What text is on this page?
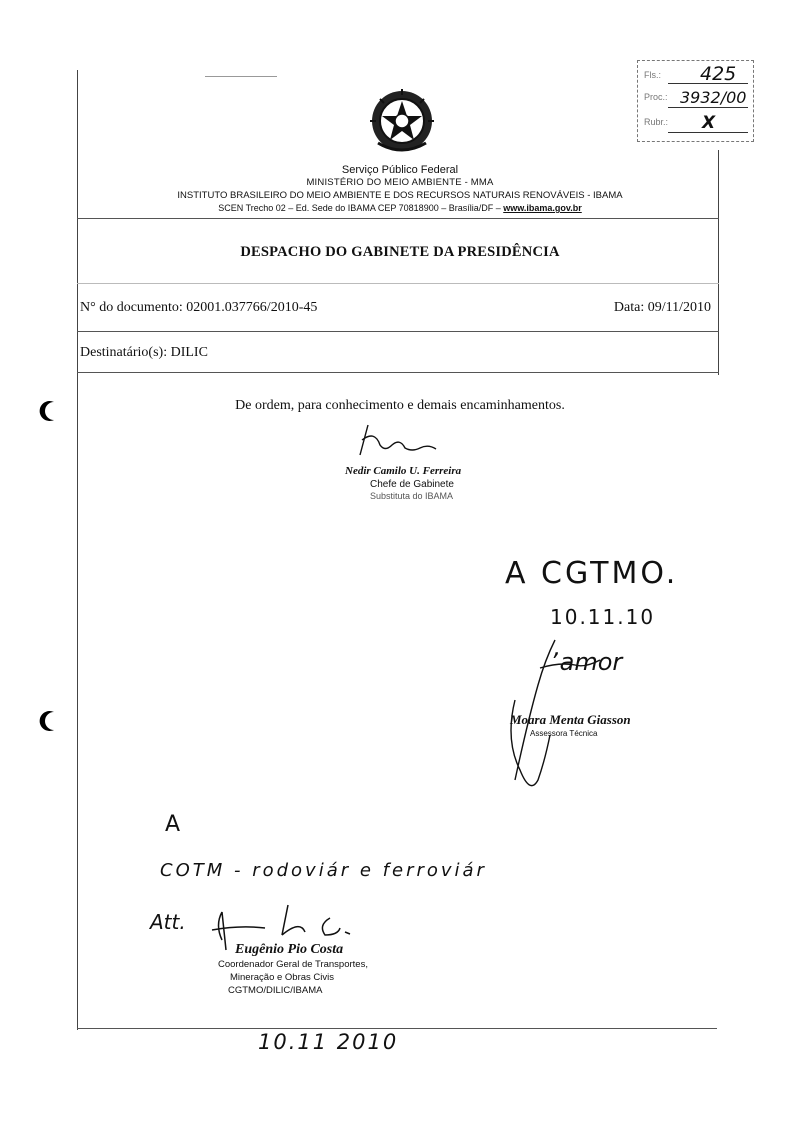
Serviço Público Federal
MINISTÉRIO DO MEIO AMBIENTE - MMA
INSTITUTO BRASILEIRO DO MEIO AMBIENTE E DOS RECURSOS NATURAIS RENOVÁVEIS - IBAMA
SCEN Trecho 02 – Ed. Sede do IBAMA CEP 70818900 – Brasília/DF – www.ibama.gov.br
Fls.: 425
Proc.: 3932/00
Rubr.: X
DESPACHO DO GABINETE DA PRESIDÊNCIA
N° do documento: 02001.037766/2010-45	Data: 09/11/2010
Destinatário(s): DILIC
De ordem, para conhecimento e demais encaminhamentos.
Nedir Camilo U. Ferreira
Chefe de Gabinete
Substituta do IBAMA
A CGTMO.
10.11.10
ʼamor
Moara Menta Giasson
Assessora Técnica
A
COTM - rodoviár e ferroviár
Att.
Eugênio Pio Costa
Coordenador Geral de Transportes,
Mineração e Obras Civis
CGTMO/DILIC/IBAMA
10.11 2010
